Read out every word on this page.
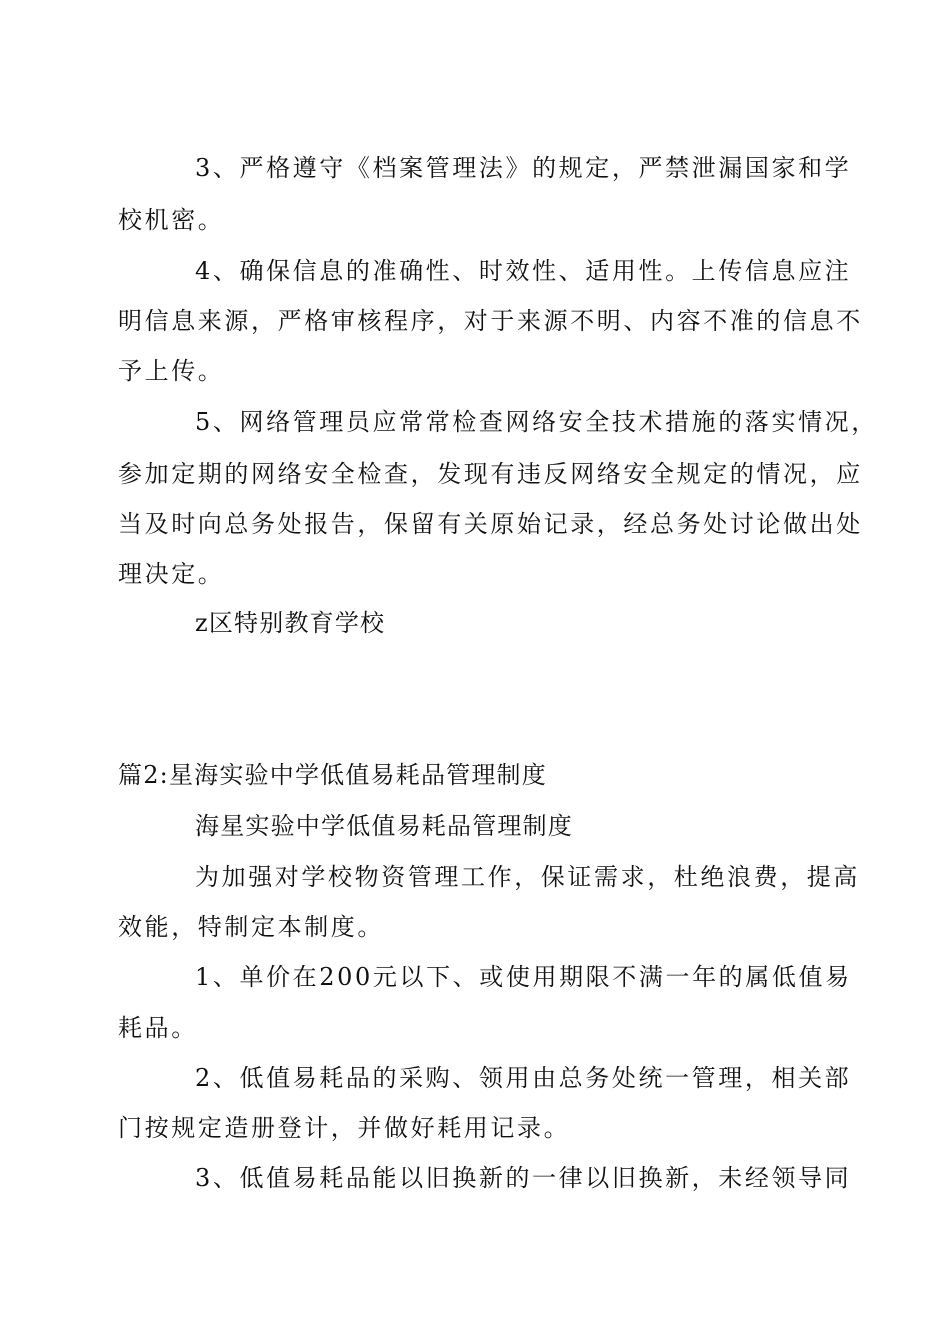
3、严格遵守《档案管理法》的规定，严禁泄漏国家和学
校机密。
4、确保信息的准确性、时效性、适用性。上传信息应注
明信息来源，严格审核程序，对于来源不明、内容不准的信息不
予上传。
5、网络管理员应常常检查网络安全技术措施的落实情况，
参加定期的网络安全检查，发现有违反网络安全规定的情况，应
当及时向总务处报告，保留有关原始记录，经总务处讨论做出处
理决定。
z区特别教育学校
篇2:星海实验中学低值易耗品管理制度
海星实验中学低值易耗品管理制度
为加强对学校物资管理工作，保证需求，杜绝浪费，提高
效能，特制定本制度。
1、单价在200元以下、或使用期限不满一年的属低值易
耗品。
2、低值易耗品的采购、领用由总务处统一管理，相关部
门按规定造册登计，并做好耗用记录。
3、低值易耗品能以旧换新的一律以旧换新，未经领导同
